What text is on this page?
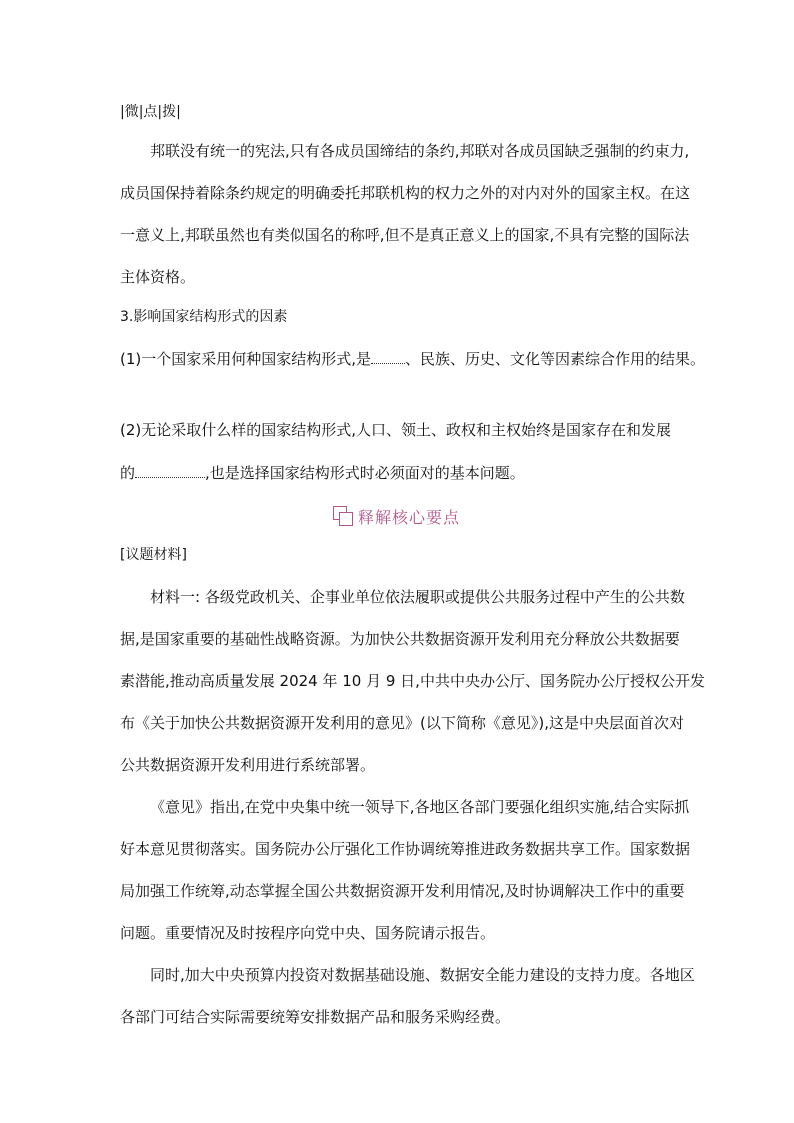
|微|点|拨|
邦联没有统一的宪法,只有各成员国缔结的条约,邦联对各成员国缺乏强制的约束力,
成员国保持着除条约规定的明确委托邦联机构的权力之外的对内对外的国家主权。在这
一意义上,邦联虽然也有类似国名的称呼,但不是真正意义上的国家,不具有完整的国际法
主体资格。
3.影响国家结构形式的因素
(1)一个国家采用何种国家结构形式,是 、民族、历史、文化等因素综合作用的结果。
(2)无论采取什么样的国家结构形式,人口、领土、政权和主权始终是国家存在和发展
的	,也是选择国家结构形式时必须面对的基本问题。
释解核心要点
[议题材料]
材料一: 各级党政机关、企事业单位依法履职或提供公共服务过程中产生的公共数
据,是国家重要的基础性战略资源。为加快公共数据资源开发利用充分释放公共数据要
素潜能,推动高质量发展 2024 年 10 月 9 日,中共中央办公厅、国务院办公厅授权公开发
布《关于加快公共数据资源开发利用的意见》(以下简称《意见》),这是中央层面首次对
公共数据资源开发利用进行系统部署。
《意见》指出,在党中央集中统一领导下,各地区各部门要强化组织实施,结合实际抓
好本意见贯彻落实。国务院办公厅强化工作协调统筹推进政务数据共享工作。国家数据
局加强工作统筹,动态掌握全国公共数据资源开发利用情况,及时协调解决工作中的重要
问题。重要情况及时按程序向党中央、国务院请示报告。
同时,加大中央预算内投资对数据基础设施、数据安全能力建设的支持力度。各地区
各部门可结合实际需要统筹安排数据产品和服务采购经费。
